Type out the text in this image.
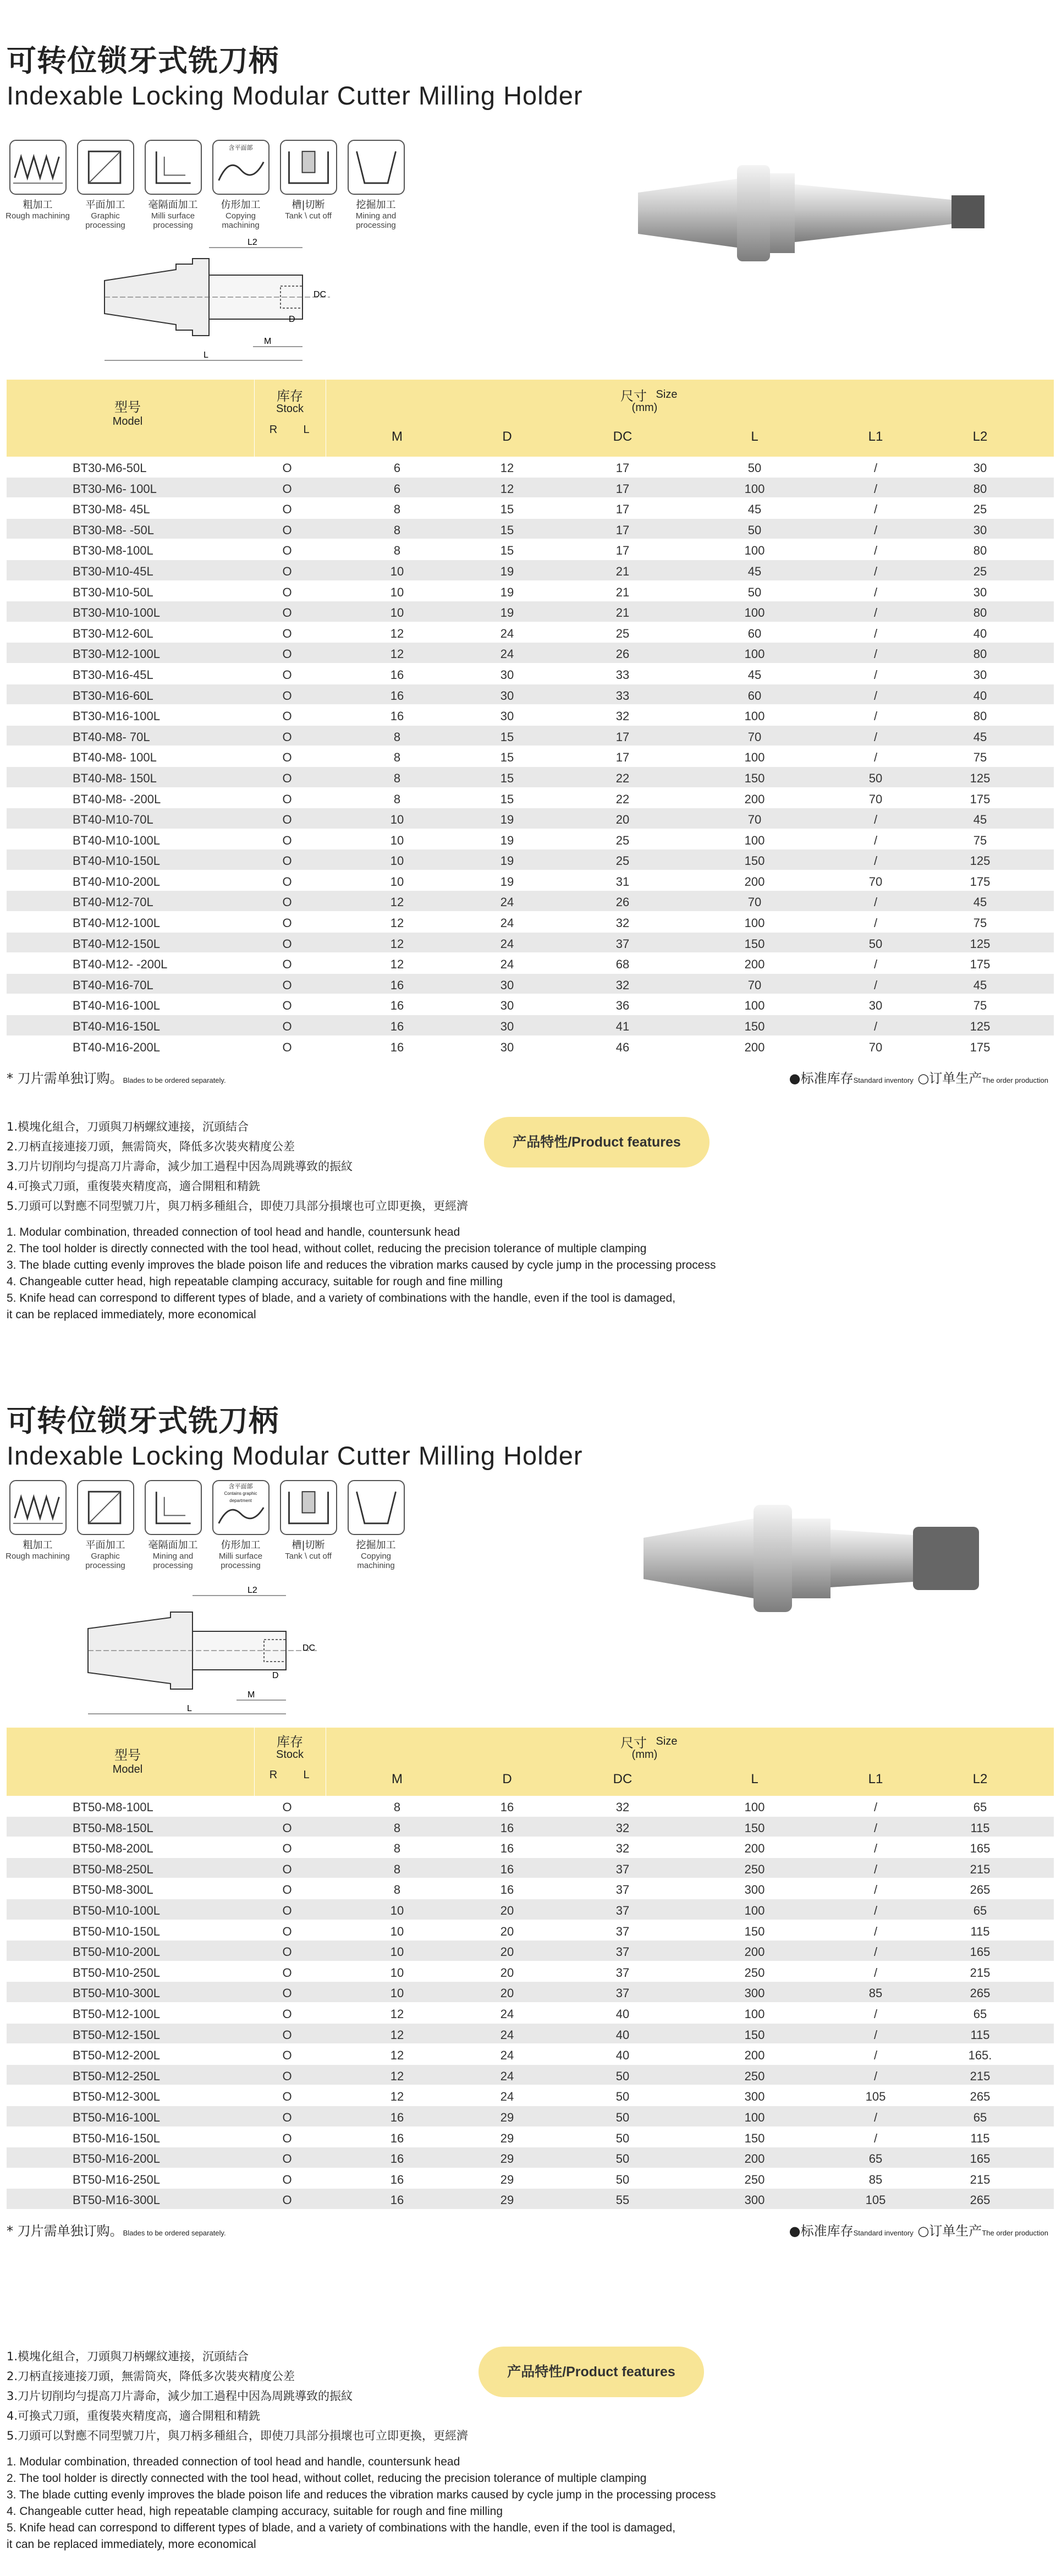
可转位锁牙式铣刀柄
Indexable Locking Modular Cutter Milling Holder
粗加工
Rough machining
平面加工
Graphic processing
毫隔面加工
Milli surface processing
含平面部
仿形加工
Copying machining
槽|切断
Tank \ cut off
挖掘加工
Mining and processing
L2
L
M
DC
D
型号
Model
库存
Stock
R	L
尺寸 Size
(mm)
M	D	DC	L	L1	L2
BT30-M6-50L	O	6	12	17	50	/	30
BT30-M6- 100L	O	6	12	17	100	/	80
BT30-M8- 45L	O	8	15	17	45	/	25
BT30-M8- -50L	O	8	15	17	50	/	30
BT30-M8-100L	O	8	15	17	100	/	80
BT30-M10-45L	O	10	19	21	45	/	25
BT30-M10-50L	O	10	19	21	50	/	30
BT30-M10-100L	O	10	19	21	100	/	80
BT30-M12-60L	O	12	24	25	60	/	40
BT30-M12-100L	O	12	24	26	100	/	80
BT30-M16-45L	O	16	30	33	45	/	30
BT30-M16-60L	O	16	30	33	60	/	40
BT30-M16-100L	O	16	30	32	100	/	80
BT40-M8- 70L	O	8	15	17	70	/	45
BT40-M8- 100L	O	8	15	17	100	/	75
BT40-M8- 150L	O	8	15	22	150	50	125
BT40-M8- -200L	O	8	15	22	200	70	175
BT40-M10-70L	O	10	19	20	70	/	45
BT40-M10-100L	O	10	19	25	100	/	75
BT40-M10-150L	O	10	19	25	150	/	125
BT40-M10-200L	O	10	19	31	200	70	175
BT40-M12-70L	O	12	24	26	70	/	45
BT40-M12-100L	O	12	24	32	100	/	75
BT40-M12-150L	O	12	24	37	150	50	125
BT40-M12- -200L	O	12	24	68	200	/	175
BT40-M16-70L	O	16	30	32	70	/	45
BT40-M16-100L	O	16	30	36	100	30	75
BT40-M16-150L	O	16	30	41	150	/	125
BT40-M16-200L	O	16	30	46	200	70	175
* 刀片需单独订购。Blades to be ordered separately.	●标准库存Standard inventory ○订单生产The order production
产品特性/Product features
1.模塊化組合，刀頭與刀柄螺紋連接，沉頭結合
2.刀柄直接連接刀頭，無需筒夾，降低多次裝夾精度公差
3.刀片切削均勻提高刀片壽命，減少加工過程中因為周跳導致的振紋
4.可換式刀頭，重復裝夾精度高，適合開粗和精銑
5.刀頭可以對應不同型號刀片，與刀柄多種組合，即使刀具部分損壞也可立即更換，更經濟
1. Modular combination, threaded connection of tool head and handle, countersunk head
2. The tool holder is directly connected with the tool head, without collet, reducing the precision tolerance of multiple clamping
3. The blade cutting evenly improves the blade poison life and reduces the vibration marks caused by cycle jump in the processing process
4. Changeable cutter head, high repeatable clamping accuracy, suitable for rough and fine milling
5. Knife head can correspond to different types of blade, and a variety of combinations with the handle, even if the tool is damaged,
it can be replaced immediately, more economical
可转位锁牙式铣刀柄
Indexable Locking Modular Cutter Milling Holder
粗加工
Rough machining
平面加工
Graphic processing
毫隔面加工
Mining and processing
含平面部
Contains graphic department
仿形加工
Milli surface processing
槽|切断
Tank \ cut off
挖掘加工
Copying machining
L2
L
M
DC
D
型号
Model
库存
Stock
R	L
尺寸 Size
(mm)
M	D	DC	L	L1	L2
BT50-M8-100L	O	8	16	32	100	/	65
BT50-M8-150L	O	8	16	32	150	/	115
BT50-M8-200L	O	8	16	32	200	/	165
BT50-M8-250L	O	8	16	37	250	/	215
BT50-M8-300L	O	8	16	37	300	/	265
BT50-M10-100L	O	10	20	37	100	/	65
BT50-M10-150L	O	10	20	37	150	/	115
BT50-M10-200L	O	10	20	37	200	/	165
BT50-M10-250L	O	10	20	37	250	/	215
BT50-M10-300L	O	10	20	37	300	85	265
BT50-M12-100L	O	12	24	40	100	/	65
BT50-M12-150L	O	12	24	40	150	/	115
BT50-M12-200L	O	12	24	40	200	/	165.
BT50-M12-250L	O	12	24	50	250	/	215
BT50-M12-300L	O	12	24	50	300	105	265
BT50-M16-100L	O	16	29	50	100	/	65
BT50-M16-150L	O	16	29	50	150	/	115
BT50-M16-200L	O	16	29	50	200	65	165
BT50-M16-250L	O	16	29	50	250	85	215
BT50-M16-300L	O	16	29	55	300	105	265
* 刀片需单独订购。Blades to be ordered separately.	●标准库存Standard inventory ○订单生产The order production
产品特性/Product features
1.模塊化組合，刀頭與刀柄螺紋連接，沉頭結合
2.刀柄直接連接刀頭，無需筒夾，降低多次裝夾精度公差
3.刀片切削均勻提高刀片壽命，減少加工過程中因為周跳導致的振紋
4.可換式刀頭，重復裝夾精度高，適合開粗和精銑
5.刀頭可以對應不同型號刀片，與刀柄多種組合，即使刀具部分損壞也可立即更換，更經濟
1. Modular combination, threaded connection of tool head and handle, countersunk head
2. The tool holder is directly connected with the tool head, without collet, reducing the precision tolerance of multiple clamping
3. The blade cutting evenly improves the blade poison life and reduces the vibration marks caused by cycle jump in the processing process
4. Changeable cutter head, high repeatable clamping accuracy, suitable for rough and fine milling
5. Knife head can correspond to different types of blade, and a variety of combinations with the handle, even if the tool is damaged,
it can be replaced immediately, more economical
